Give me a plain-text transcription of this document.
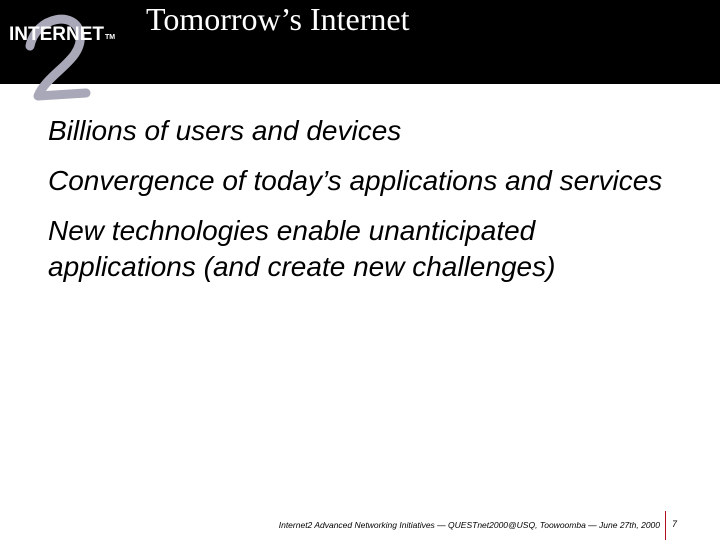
INTERNET TM
Tomorrow’s Internet
Billions of users and devices
Convergence of today’s applications and services
New technologies enable unanticipated applications (and create new challenges)
Internet2 Advanced Networking Initiatives — QUESTnet2000@USQ, Toowoomba — June 27th, 2000 7
